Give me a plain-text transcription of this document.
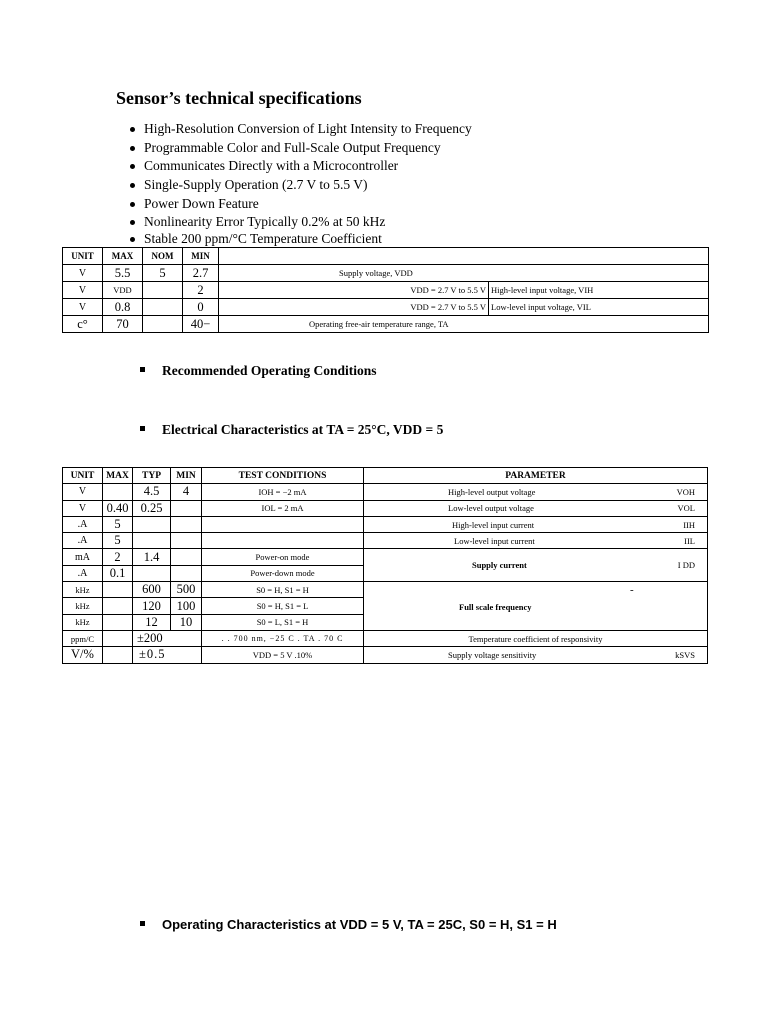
Sensor’s technical specifications
High-Resolution Conversion of Light Intensity to Frequency
Programmable Color and Full-Scale Output Frequency
Communicates Directly with a Microcontroller
Single-Supply Operation (2.7 V to 5.5 V)
Power Down Feature
Nonlinearity Error Typically 0.2% at 50 kHz
Stable 200 ppm/°C Temperature Coefficient
UNIT	MAX	NOM	MIN		
V	5.5	5	2.7	Supply voltage, VDD	
V	VDD		2	VDD = 2.7 V to 5.5 V	High-level input voltage, VIH
V	0.8		0	VDD = 2.7 V to 5.5 V	Low-level input voltage, VIL
c°	70		40−	Operating free-air temperature range, TA	
Recommended Operating Conditions
Electrical Characteristics at TA = 25°C, VDD = 5
UNIT	MAX	TYP	MIN	TEST CONDITIONS	PARAMETER
V		4.5	4	IOH = −2 mA	High-level output voltage VOH

V	0.40	0.25		IOL = 2 mA	Low-level output voltage VOL

.A	5				High-level input current IIH

.A	5				Low-level input current IIL

mA	2	1.4		Power-on mode	Supply current I DD

.A	0.1			Power-down mode	
kHz		600	500	S0 = H, S1 = H	Full scale frequency
-

kHz		120	100	S0 = H, S1 = L	
kHz		12	10	S0 = L, S1 = H	
ppm/C		±200		. . 700 nm, −25 C . TA . 70 C	Temperature coefficient of responsivity
V/%		±0.5		VDD = 5 V .10%	Supply voltage sensitivity kSVS
Operating Characteristics at VDD = 5 V, TA = 25C, S0 = H, S1 = H
